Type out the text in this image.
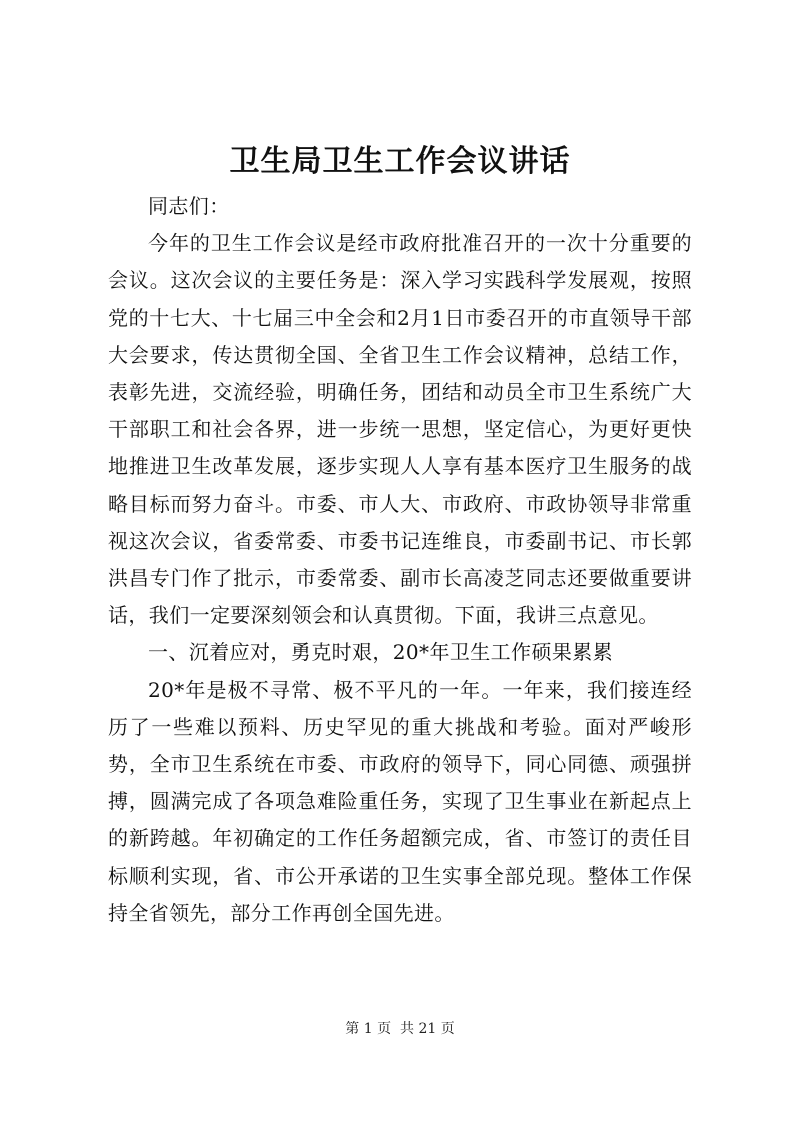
卫生局卫生工作会议讲话

同志们：

今年的卫生工作会议是经市政府批准召开的一次十分重要的会议。这次会议的主要任务是：深入学习实践科学发展观，按照党的十七大、十七届三中全会和2月1日市委召开的市直领导干部大会要求，传达贯彻全国、全省卫生工作会议精神，总结工作，表彰先进，交流经验，明确任务，团结和动员全市卫生系统广大干部职工和社会各界，进一步统一思想，坚定信心，为更好更快地推进卫生改革发展，逐步实现人人享有基本医疗卫生服务的战略目标而努力奋斗。市委、市人大、市政府、市政协领导非常重视这次会议，省委常委、市委书记连维良，市委副书记、市长郭洪昌专门作了批示，市委常委、副市长高凌芝同志还要做重要讲话，我们一定要深刻领会和认真贯彻。下面，我讲三点意见。

一、沉着应对，勇克时艰，20*年卫生工作硕果累累

20*年是极不寻常、极不平凡的一年。一年来，我们接连经历了一些难以预料、历史罕见的重大挑战和考验。面对严峻形势，全市卫生系统在市委、市政府的领导下，同心同德、顽强拼搏，圆满完成了各项急难险重任务，实现了卫生事业在新起点上的新跨越。年初确定的工作任务超额完成，省、市签订的责任目标顺利实现，省、市公开承诺的卫生实事全部兑现。整体工作保持全省领先，部分工作再创全国先进。

第 1 页  共 21 页
